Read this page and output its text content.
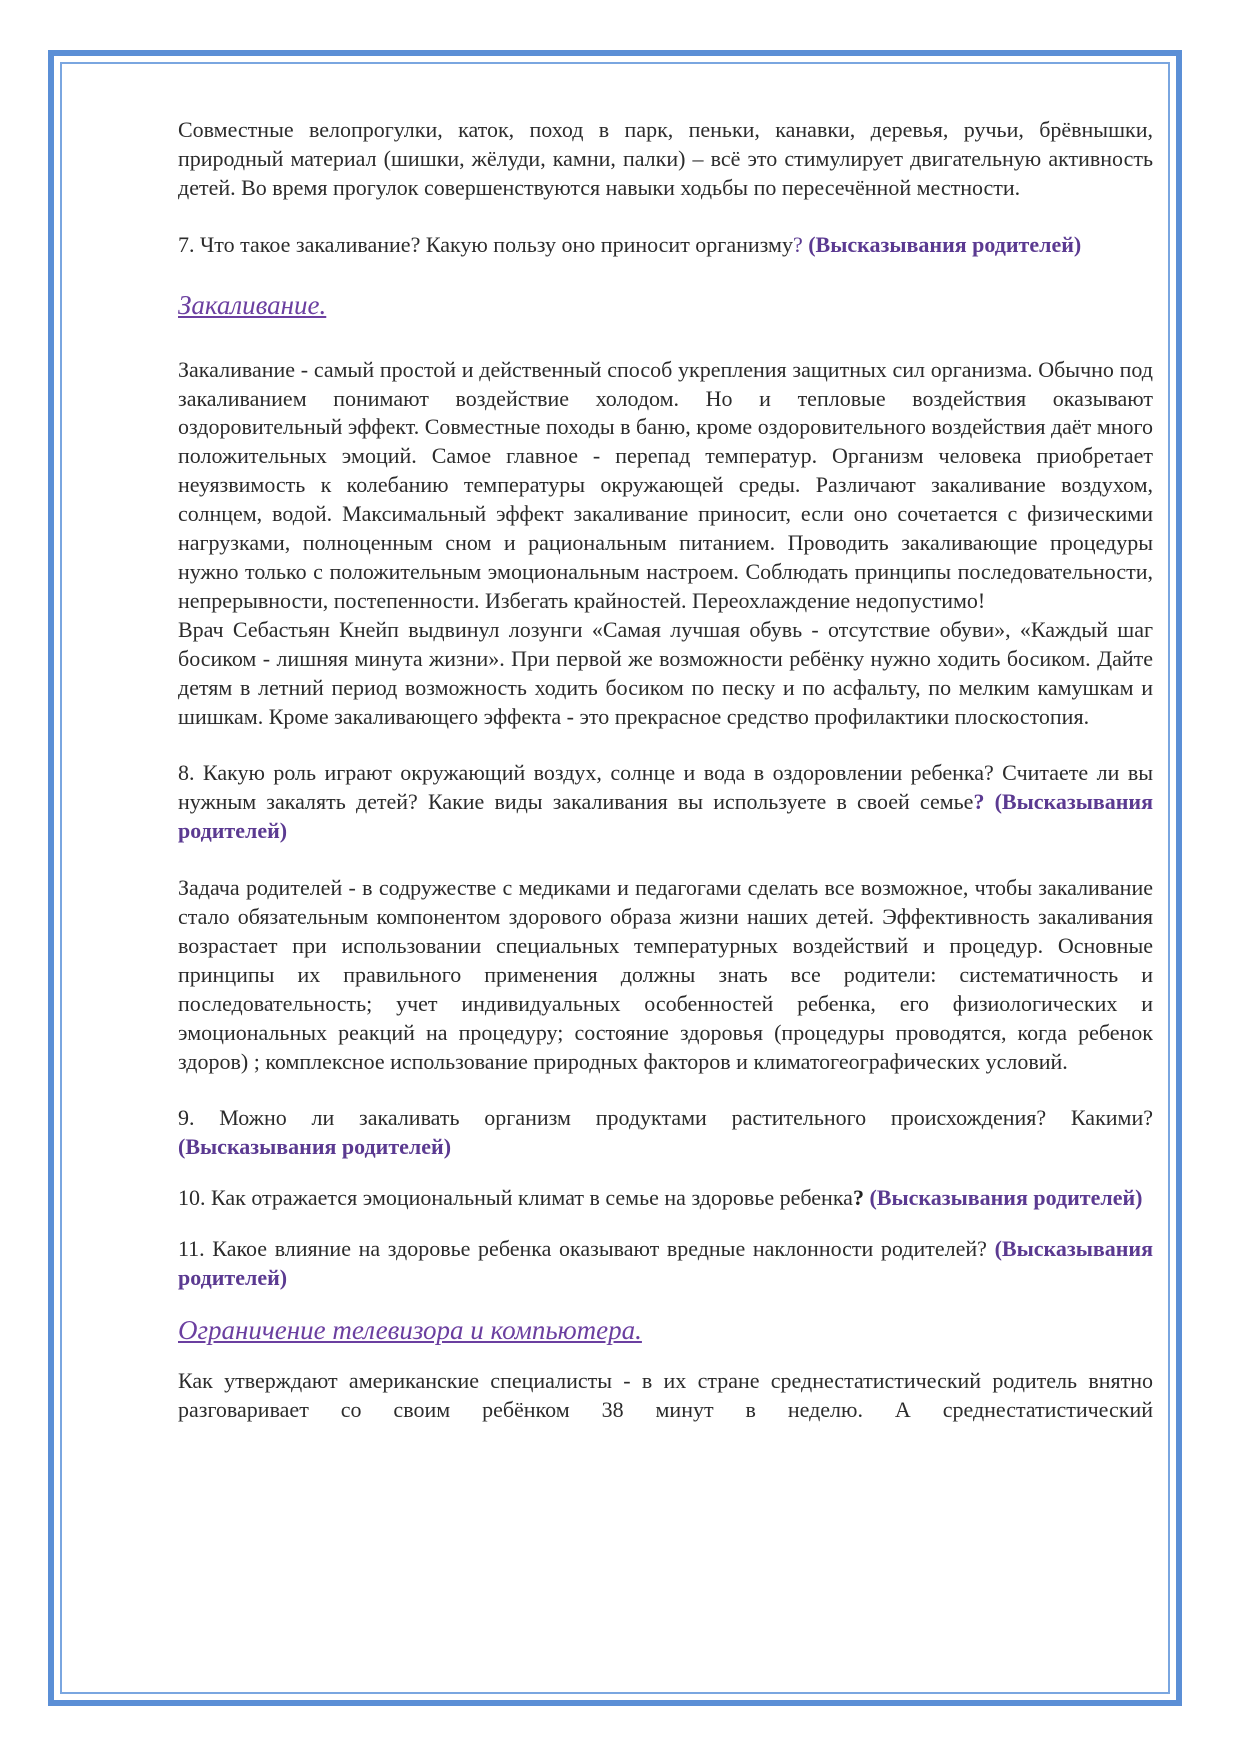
Совместные велопрогулки, каток, поход в парк, пеньки, канавки, деревья, ручьи, брёвнышки, природный материал (шишки, жёлуди, камни, палки) – всё это стимулирует двигательную активность детей. Во время прогулок совершенствуются навыки ходьбы по пересечённой местности.

7. Что такое закаливание? Какую пользу оно приносит организму? (Высказывания родителей)

Закаливание.

Закаливание - самый простой и действенный способ укрепления защитных сил организма. Обычно под закаливанием понимают воздействие холодом. Но и тепловые воздействия оказывают оздоровительный эффект. Совместные походы в баню, кроме оздоровительного воздействия даёт много положительных эмоций. Самое главное - перепад температур. Организм человека приобретает неуязвимость к колебанию температуры окружающей среды. Различают закаливание воздухом, солнцем, водой. Максимальный эффект закаливание приносит, если оно сочетается с физическими нагрузками, полноценным сном и рациональным питанием. Проводить закаливающие процедуры нужно только с положительным эмоциональным настроем. Соблюдать принципы последовательности, непрерывности, постепенности. Избегать крайностей. Переохлаждение недопустимо!

Врач Себастьян Кнейп выдвинул лозунги «Самая лучшая обувь - отсутствие обуви», «Каждый шаг босиком - лишняя минута жизни». При первой же возможности ребёнку нужно ходить босиком. Дайте детям в летний период возможность ходить босиком по песку и по асфальту, по мелким камушкам и шишкам. Кроме закаливающего эффекта - это прекрасное средство профилактики плоскостопия.

8. Какую роль играют окружающий воздух, солнце и вода в оздоровлении ребенка? Считаете ли вы нужным закалять детей? Какие виды закаливания вы используете в своей семье? (Высказывания родителей)

Задача родителей - в содружестве с медиками и педагогами сделать все возможное, чтобы закаливание стало обязательным компонентом здорового образа жизни наших детей. Эффективность закаливания возрастает при использовании специальных температурных воздействий и процедур. Основные принципы их правильного применения должны знать все родители: систематичность и последовательность; учет индивидуальных особенностей ребенка, его физиологических и эмоциональных реакций на процедуру; состояние здоровья (процедуры проводятся, когда ребенок здоров) ; комплексное использование природных факторов и климатогеографических условий.

9. Можно ли закаливать организм продуктами растительного происхождения? Какими? (Высказывания родителей)

10. Как отражается эмоциональный климат в семье на здоровье ребенка? (Высказывания родителей)

11. Какое влияние на здоровье ребенка оказывают вредные наклонности родителей? (Высказывания родителей)

Ограничение телевизора и компьютера.

Как утверждают американские специалисты - в их стране среднестатистический родитель внятно разговаривает со своим ребёнком 38 минут в неделю. А среднестатистический
